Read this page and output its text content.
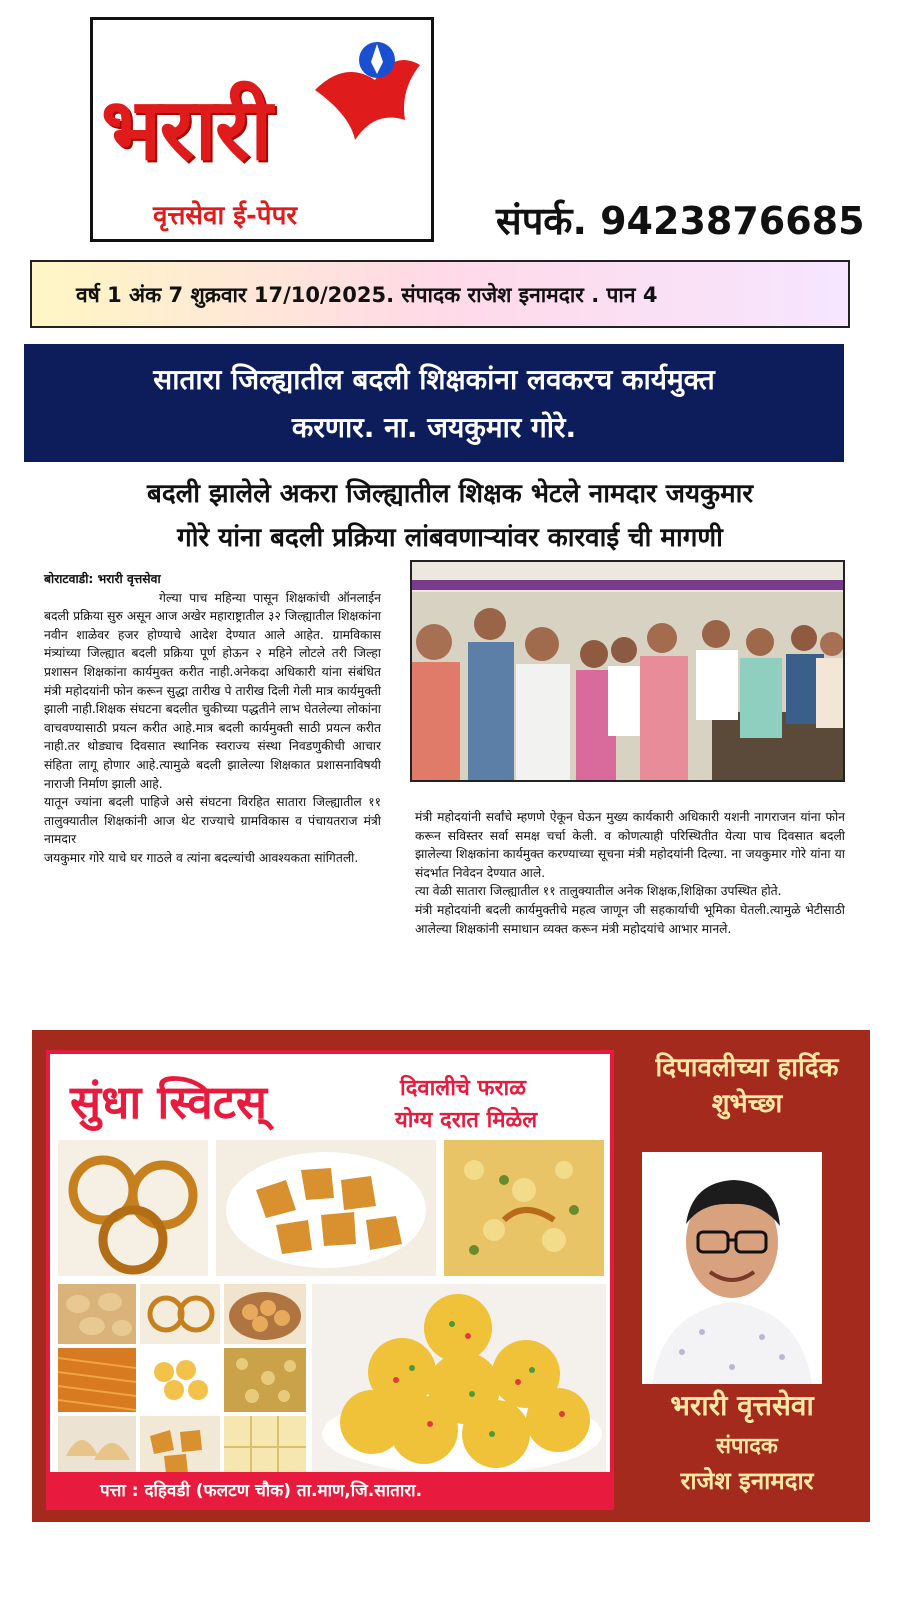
भरारी
वृत्तसेवा ई-पेपर	संपर्क. 9423876685
वर्ष 1 अंक 7 शुक्रवार 17/10/2025. संपादक राजेश इनामदार . पान 4
सातारा जिल्ह्यातील बदली शिक्षकांना लवकरच कार्यमुक्त
करणार. ना. जयकुमार गोरे.
बदली झालेले अकरा जिल्ह्यातील शिक्षक भेटले नामदार जयकुमार
गोरे यांना बदली प्रक्रिया लांबवणाऱ्यांवर कारवाई ची मागणी

बोराटवाडी: भरारी वृत्तसेवा

गेल्या पाच महिन्या पासून शिक्षकांची ऑनलाईन बदली प्रक्रिया सुरु असून आज अखेर महाराष्ट्रातील ३२ जिल्ह्यातील शिक्षकांना नवीन शाळेवर हजर होण्याचे आदेश देण्यात आले आहेत. ग्रामविकास मंत्र्यांच्या जिल्ह्यात बदली प्रक्रिया पूर्ण होऊन २ महिने लोटले तरी जिल्हा प्रशासन शिक्षकांना कार्यमुक्त करीत नाही.अनेकदा अधिकारी यांना संबंधित मंत्री महोदयांनी फोन करून सुद्धा तारीख पे तारीख दिली गेली मात्र कार्यमुक्ती झाली नाही.शिक्षक संघटना बदलीत चुकीच्या पद्धतीने लाभ घेतलेल्या लोकांना वाचवण्यासाठी प्रयत्न करीत आहे.मात्र बदली कार्यमुक्ती साठी प्रयत्न करीत नाही.तर थोड्याच दिवसात स्थानिक स्वराज्य संस्था निवडणुकीची आचार संहिता लागू होणार आहे.त्यामुळे बदली झालेल्या शिक्षकात प्रशासनाविषयी नाराजी निर्माण झाली आहे.

यातून ज्यांना बदली पाहिजे असे संघटना विरहित सातारा जिल्ह्यातील ११ तालुक्यातील शिक्षकांनी आज थेट राज्याचे ग्रामविकास व पंचायतराज मंत्री नामदार

जयकुमार गोरे याचे घर गाठले व त्यांना बदल्यांची आवश्यकता सांगितली.

मंत्री महोदयांनी सर्वांचे म्हणणे ऐकून घेऊन मुख्य कार्यकारी अधिकारी यशनी नागराजन यांना फोन करून सविस्तर सर्वा समक्ष चर्चा केली. व कोणत्याही परिस्थितीत येत्या पाच दिवसात बदली झालेल्या शिक्षकांना कार्यमुक्त करण्याच्या सूचना मंत्री महोदयांनी दिल्या. ना जयकुमार गोरे यांना या संदर्भात निवेदन देण्यात आले.

त्या वेळी सातारा जिल्ह्यातील ११ तालुक्यातील अनेक शिक्षक,शिक्षिका उपस्थित होते.

मंत्री महोदयांनी बदली कार्यमुक्तीचे महत्व जाणून जी सहकार्याची भूमिका घेतली.त्यामुळे भेटीसाठी आलेल्या शिक्षकांनी समाधान व्यक्त करून मंत्री महोदयांचे आभार मानले.

सुंधा स्विटस्	दिवालीचे फराळ
योग्य दरात मिळेल
पत्ता : दहिवडी (फलटण चौक) ता.माण,जि.सातारा.
दिपावलीच्या हार्दिक शुभेच्छा
भरारी वृत्तसेवा
संपादक
राजेश इनामदार
